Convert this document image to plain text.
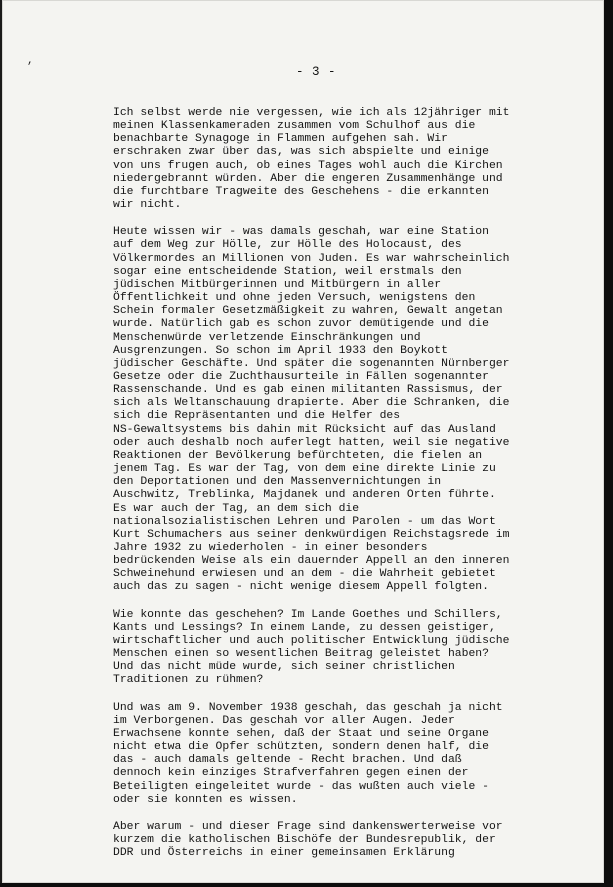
,
- 3 -
Ich selbst werde nie vergessen, wie ich als 12jähriger mit
meinen Klassenkameraden zusammen vom Schulhof aus die
benachbarte Synagoge in Flammen aufgehen sah. Wir
erschraken zwar über das, was sich abspielte und einige
von uns frugen auch, ob eines Tages wohl auch die Kirchen
niedergebrannt würden. Aber die engeren Zusammenhänge und
die furchtbare Tragweite des Geschehens - die erkannten
wir nicht.
Heute wissen wir - was damals geschah, war eine Station
auf dem Weg zur Hölle, zur Hölle des Holocaust, des
Völkermordes an Millionen von Juden. Es war wahrscheinlich
sogar eine entscheidende Station, weil erstmals den
jüdischen Mitbürgerinnen und Mitbürgern in aller
Öffentlichkeit und ohne jeden Versuch, wenigstens den
Schein formaler Gesetzmäßigkeit zu wahren, Gewalt angetan
wurde. Natürlich gab es schon zuvor demütigende und die
Menschenwürde verletzende Einschränkungen und
Ausgrenzungen. So schon im April 1933 den Boykott
jüdischer Geschäfte. Und später die sogenannten Nürnberger
Gesetze oder die Zuchthausurteile in Fällen sogenannter
Rassenschande. Und es gab einen militanten Rassismus, der
sich als Weltanschauung drapierte. Aber die Schranken, die
sich die Repräsentanten und die Helfer des
NS-Gewaltsystems bis dahin mit Rücksicht auf das Ausland
oder auch deshalb noch auferlegt hatten, weil sie negative
Reaktionen der Bevölkerung befürchteten, die fielen an
jenem Tag. Es war der Tag, von dem eine direkte Linie zu
den Deportationen und den Massenvernichtungen in
Auschwitz, Treblinka, Majdanek und anderen Orten führte.
Es war auch der Tag, an dem sich die
nationalsozialistischen Lehren und Parolen - um das Wort
Kurt Schumachers aus seiner denkwürdigen Reichstagsrede im
Jahre 1932 zu wiederholen - in einer besonders
bedrückenden Weise als ein dauernder Appell an den inneren
Schweinehund erwiesen und an dem - die Wahrheit gebietet
auch das zu sagen - nicht wenige diesem Appell folgten.
Wie konnte das geschehen? Im Lande Goethes und Schillers,
Kants und Lessings? In einem Lande, zu dessen geistiger,
wirtschaftlicher und auch politischer Entwicklung jüdische
Menschen einen so wesentlichen Beitrag geleistet haben?
Und das nicht müde wurde, sich seiner christlichen
Traditionen zu rühmen?
Und was am 9. November 1938 geschah, das geschah ja nicht
im Verborgenen. Das geschah vor aller Augen. Jeder
Erwachsene konnte sehen, daß der Staat und seine Organe
nicht etwa die Opfer schützten, sondern denen half, die
das - auch damals geltende - Recht brachen. Und daß
dennoch kein einziges Strafverfahren gegen einen der
Beteiligten eingeleitet wurde - das wußten auch viele -
oder sie konnten es wissen.
Aber warum - und dieser Frage sind dankenswerterweise vor
kurzem die katholischen Bischöfe der Bundesrepublik, der
DDR und Österreichs in einer gemeinsamen Erklärung
